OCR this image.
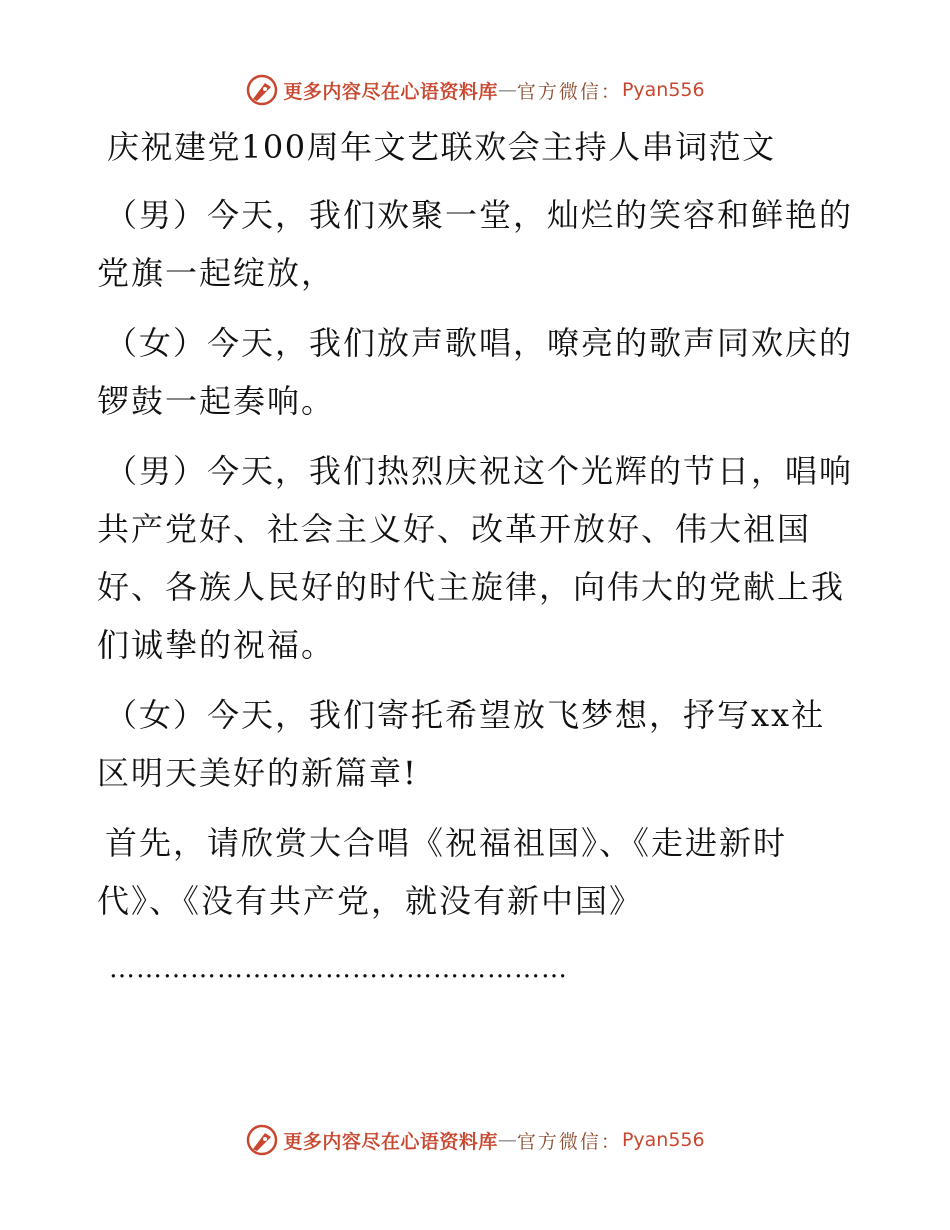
更多内容尽在心语资料库 — 官方微信： Pyan556
庆祝建党100周年文艺联欢会主持人串词范文

（男）今天，我们欢聚一堂，灿烂的笑容和鲜艳的党旗一起绽放，

（女）今天，我们放声歌唱，嘹亮的歌声同欢庆的锣鼓一起奏响。

（男）今天，我们热烈庆祝这个光辉的节日，唱响共产党好、社会主义好、改革开放好、伟大祖国好、各族人民好的时代主旋律，向伟大的党献上我们诚挚的祝福。

（女）今天，我们寄托希望放飞梦想，抒写xx社区明天美好的新篇章!

首先，请欣赏大合唱《祝福祖国》、《走进新时代》、《没有共产党，就没有新中国》

……………………………………………
更多内容尽在心语资料库 — 官方微信： Pyan556
